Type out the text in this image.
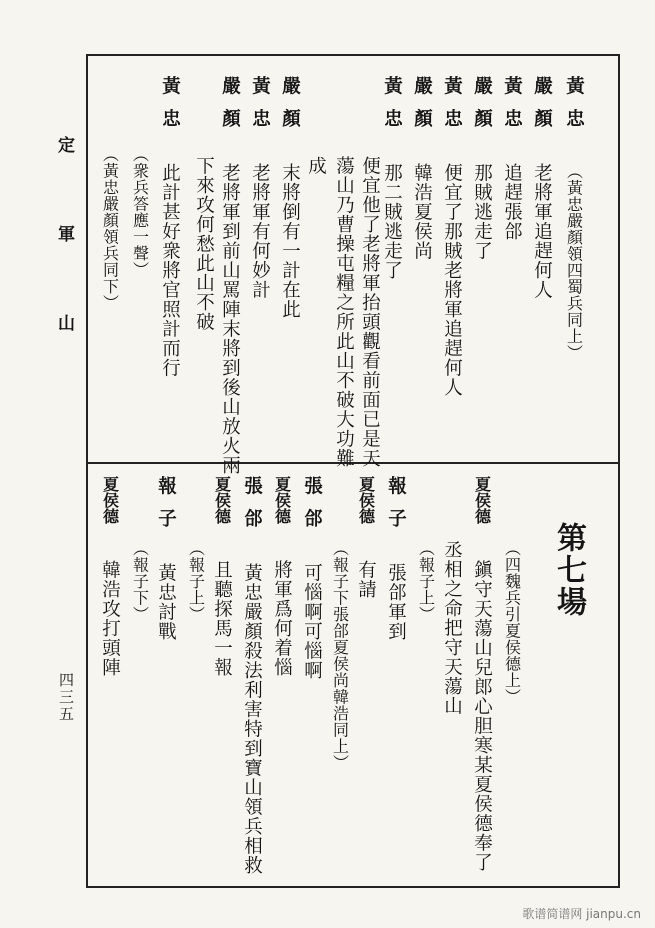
定 軍 山
四三五
黃忠 （黃忠嚴顏領四蜀兵同上）
嚴顏 老將軍追趕何人
黃忠 追趕張郃
嚴顏 那賊逃走了
黃忠 便宜了那賊老將軍追趕何人
嚴顏 韓浩夏侯尚
黃忠 那二賊逃走了
便宜他了老將軍抬頭觀看前面已是天
蕩山乃曹操屯糧之所此山不破大功難
成
嚴顏 末將倒有一計在此
黃忠 老將軍有何妙計
嚴顏 老將軍到前山罵陣末將到後山放火兩
下來攻何愁此山不破
黃忠 此計甚好衆將官照計而行
（衆兵答應一聲）
（黃忠嚴顏領兵同下）
第七場
（四魏兵引夏侯德上）
夏侯德 鎭守天蕩山兒郎心胆寒某夏侯德奉了
丞相之命把守天蕩山
（報子上）
報子 張郃軍到
夏侯德 有請
（報子下張郃夏侯尚韓浩同上）
張郃 可惱啊可惱啊
夏侯德 將軍爲何着惱
張郃 黃忠嚴顏殺法利害特到寶山領兵相救
夏侯德 且聽探馬一報
（報子上）
報子 黃忠討戰
（報子下）
夏侯德 韓浩攻打頭陣
歌谱简谱网 jianpu.cn
